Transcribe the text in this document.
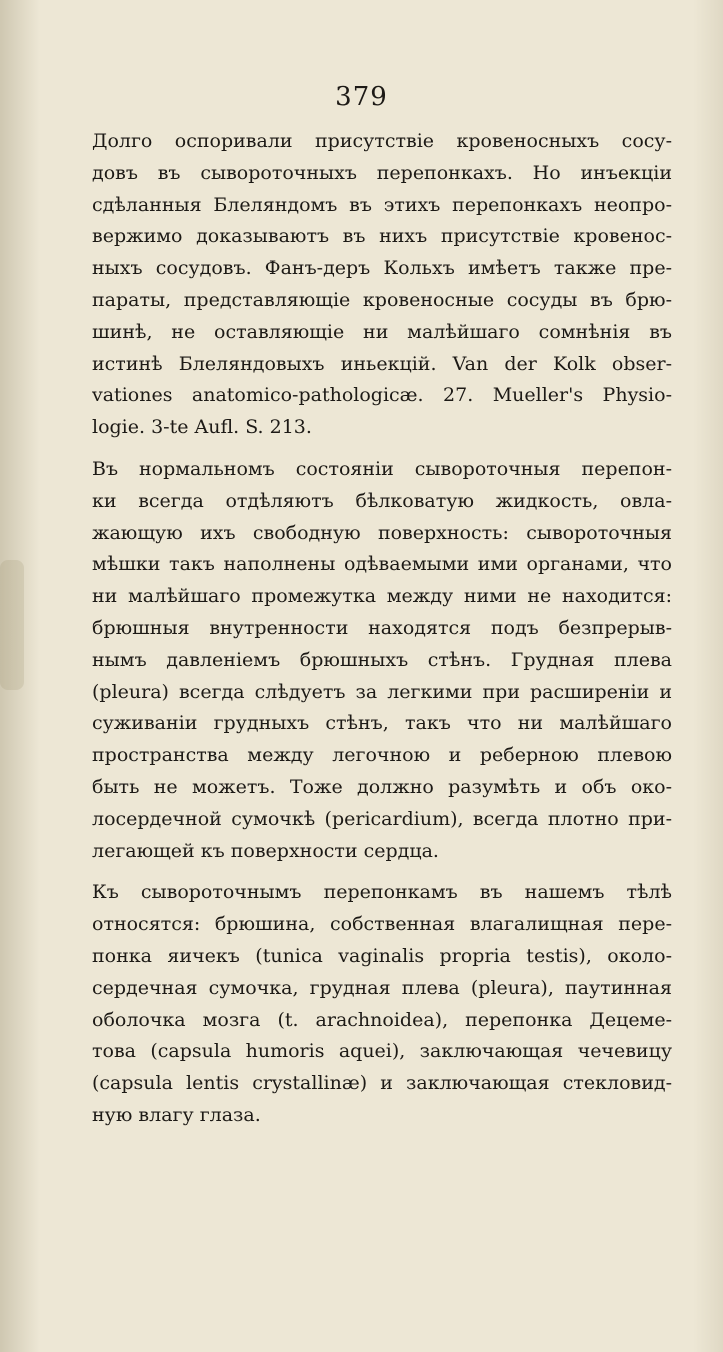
379

Долго оспоривали присутствіе кровеносныхъ сосу-
довъ въ сывороточныхъ перепонкахъ. Но инъекціи
сдѣланныя Блеляндомъ въ этихъ перепонкахъ неопро-
вержимо доказываютъ въ нихъ присутствіе кровенос-
ныхъ сосудовъ. Фанъ-деръ Кольхъ имѣетъ также пре-
параты, представляющіе кровеносные сосуды въ брю-
шинѣ, не оставляющіе ни малѣйшаго сомнѣнія въ
истинѣ Блеляндовыхъ иньекцій. Van der Kolk obser-
vationes anatomico-pathologicæ. 27. Mueller's Physio-
logie. 3-te Aufl. S. 213.

Въ нормальномъ состояніи сывороточныя перепон-
ки всегда отдѣляютъ бѣлковатую жидкость, овла-
жающую ихъ свободную поверхность: сывороточныя
мѣшки такъ наполнены одѣваемыми ими органами, что
ни малѣйшаго промежутка между ними не находится:
брюшныя внутренности находятся подъ безпрерыв-
нымъ давленіемъ брюшныхъ стѣнъ. Грудная плева
(pleura) всегда слѣдуетъ за легкими при расширеніи и
суживаніи грудныхъ стѣнъ, такъ что ни малѣйшаго
пространства между легочною и реберною плевою
быть не можетъ. Тоже должно разумѣть и объ око-
лосердечной сумочкѣ (pericardium), всегда плотно при-
легающей къ поверхности сердца.

Къ сывороточнымъ перепонкамъ въ нашемъ тѣлѣ
относятся: брюшина, собственная влагалищная пере-
понка яичекъ (tunica vaginalis propria testis), около-
сердечная сумочка, грудная плева (pleura), паутинная
оболочка мозга (t. arachnoidea), перепонка Децеме-
това (capsula humoris aquei), заключающая чечевицу
(capsula lentis crystallinæ) и заключающая стекловид-
ную влагу глаза.
